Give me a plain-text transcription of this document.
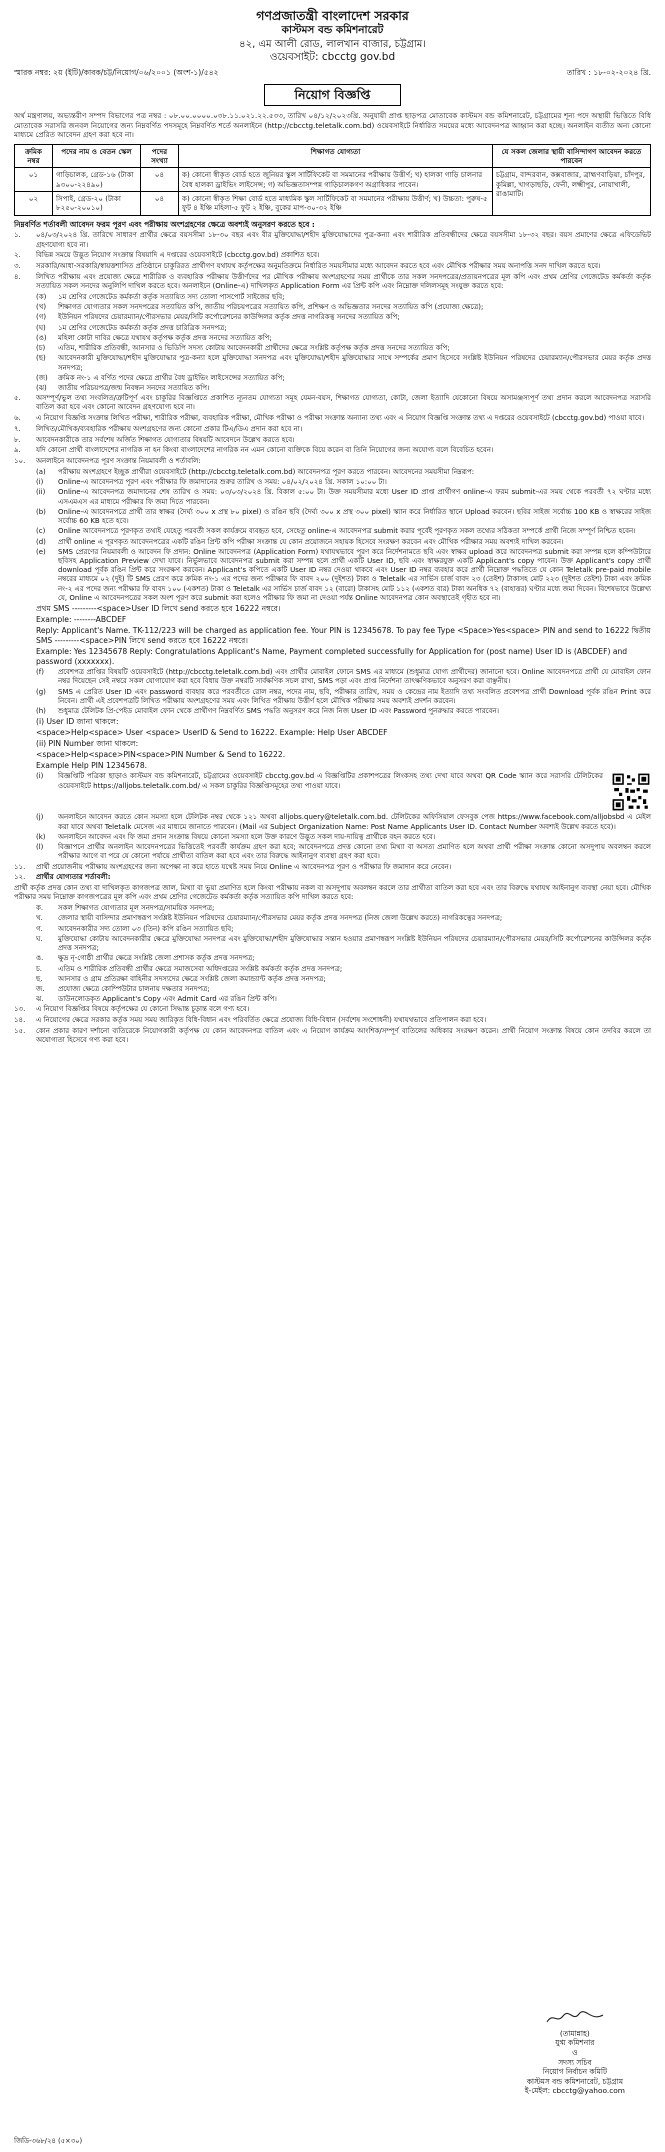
গণপ্রজাতন্ত্রী বাংলাদেশ সরকার
কাস্টমস বন্ড কমিশনারেট
৪২, এম আলী রোড, লালখান বাজার, চট্টগ্রাম।
ওয়েবসাইট: cbcctg gov.bd
স্মারক নম্বর: ২য় (ইটি)/কাবক/চট্ট/নিয়োগ/০৬/২০০১ (অংশ-১)/৫৪২	তারিখ : ১৮-০২-২০২৪ খ্রি.
নিয়োগ বিজ্ঞপ্তি

অর্থ মন্ত্রণালয়, অভ্যন্তরীণ সম্পদ বিভাগের পত্র নম্বর : ০৮.০০.০০০০.০৩৮.১১.০২১.২২.৫৩৩, তারিখ ০৪/১২/২০২৩খ্রি. অনুযায়ী প্রাপ্ত ছাড়পত্র মোতাবেক কাস্টমস বন্ড কমিশনারেট, চট্টগ্রামের শূন্য পদে অস্থায়ী ভিত্তিতে বিধি মোতাবেক সরাসরি জনবল নিয়োগের জন্য নিম্নবর্ণিত পদসমূহে নিম্নবর্ণিত শর্তে অনলাইনে (http://cbcctg.teletalk.com.bd) ওয়েবসাইটে নির্ধারিত সময়ের মধ্যে আবেদনপত্র আহ্বান করা হচ্ছে। অনলাইন ব্যতীত অন্য কোনো মাধ্যমে প্রেরিত আবেদন গ্রহণ করা হবে না।

ক্রমিক নম্বর	পদের নাম ও বেতন স্কেল	পদের সংখ্যা	শিক্ষাগত যোগ্যতা	যে সকল জেলার স্থায়ী বাসিন্দাগণ আবেদন করতে পারবেন
০১	গাড়িচালক, গ্রেড-১৬ (টাকা ৯৩০০-২২৪৯০)	০৪	ক) কোনো স্বীকৃত বোর্ড হতে জুনিয়র স্কুল সার্টিফিকেট বা সমমানের পরীক্ষায় উত্তীর্ণ; খ) হালকা গাড়ি চালনার বৈধ হালকা ড্রাইভিং লাইসেন্স; গ) অভিজ্ঞতাসম্পন্ন গাড়িচালকগণ অগ্রাধিকার পাবেন।	চট্টগ্রাম, বান্দরবান, কক্সবাজার, ব্রাহ্মণবাড়িয়া, চাঁদপুর, কুমিল্লা, খাগড়াছড়ি, ফেনী, লক্ষ্মীপুর, নোয়াখালী, রাঙামাটি।
০২	সিপাই, গ্রেড-২০ (টাকা ৮২৫০-২০০১০)	০৪	ক) কোনো স্বীকৃত শিক্ষা বোর্ড হতে মাধ্যমিক স্কুল সার্টিফিকেট বা সমমানের পরীক্ষায় উত্তীর্ণ; খ) উচ্চতা: পুরুষ-৫ ফুট ৪ ইঞ্চি মহিলা-৫ ফুট ২ ইঞ্চি, বুকের মাপ-৩০-৩২ ইঞ্চি	
নিম্নবর্ণিত শর্তাবলী আবেদন ফরম পূরণ এবং পরীক্ষায় অংশগ্রহণের ক্ষেত্রে অবশ্যই অনুসরণ করতে হবে :
১.	০৪/০৩/২০২৪ খ্রি. তারিখে সাধারণ প্রার্থীর ক্ষেত্রে বয়সসীমা ১৮-৩০ বছর এবং বীর মুক্তিযোদ্ধা/শহীদ মুক্তিযোদ্ধাদের পুত্র-কন্যা এবং শারীরিক প্রতিবন্ধীদের ক্ষেত্রে বয়সসীমা ১৮-৩২ বছর। বয়স প্রমাণের ক্ষেত্রে এফিডেভিট গ্রহণযোগ্য হবে না।
২.	বিভিন্ন সময়ে উদ্ভূত নিয়োগ সংক্রান্ত বিষয়াদি এ দপ্তরের ওয়েবসাইটে (cbcctg.gov.bd) প্রকাশিত হবে।
৩.	সরকারি/আধা-সরকারি/স্বায়ত্তশাসিত প্রতিষ্ঠানে চাকুরিরত প্রার্থীগণ যথাযথ কর্তৃপক্ষের অনুমতিক্রমে নির্ধারিত সময়সীমার মধ্যে আবেদন করতে হবে এবং মৌখিক পরীক্ষার সময় অনাপত্তি সনদ দাখিল করতে হবে।
৪.	লিখিত পরীক্ষায় এবং প্রযোজ্য ক্ষেত্রে শারীরিক ও ব্যবহারিক পরীক্ষায় উত্তীর্ণদের পর মৌখিক পরীক্ষায় অংশগ্রহণের সময় প্রার্থীকে তার সকল সনদপত্রের/প্রত্যয়নপত্রের মূল কপি এবং প্রথম শ্রেণির গেজেটেড কর্মকর্তা কর্তৃক সত্যায়িত সকল সনদের অনুলিপি দাখিল করতে হবে। অনলাইনে (Online-এ) দাখিলকৃত Application Form এর প্রিন্ট কপি এবং নিম্নোক্ত দলিলসমূহ সংযুক্ত করতে হবে:
(ক)	১ম শ্রেণির গেজেটেড কর্মকর্তা কর্তৃক সত্যায়িত সদ্য তোলা পাসপোর্ট সাইজের ছবি;
(খ)	শিক্ষাগত যোগ্যতার সকল সনদপত্রের সত্যায়িত কপি, জাতীয় পরিচয়পত্রের সত্যায়িত কপি, প্রশিক্ষণ ও অভিজ্ঞতার সনদের সত্যায়িত কপি (প্রযোজ্য ক্ষেত্রে);
(গ)	ইউনিয়ন পরিষদের চেয়ারম্যান/পৌরসভার মেয়র/সিটি কর্পোরেশনের কাউন্সিলর কর্তৃক প্রদত্ত নাগরিকত্ব সনদের সত্যায়িত কপি;
(ঘ)	১ম শ্রেণির গেজেটেড কর্মকর্তা কর্তৃক প্রদত্ত চারিত্রিক সনদপত্র;
(ঙ)	মহিলা কোটা দাবির ক্ষেত্রে যথাযথ কর্তৃপক্ষ কর্তৃক প্রদত্ত সনদের সত্যায়িত কপি;
(চ)	এতিম, শারীরিক প্রতিবন্ধী, আনসার ও ভিডিপি সদস্য কোটায় আবেদনকারী প্রার্থীদের ক্ষেত্রে সংশ্লিষ্ট কর্তৃপক্ষ কর্তৃক প্রদত্ত সনদের সত্যায়িত কপি;
(ছ)	আবেদনকারী মুক্তিযোদ্ধা/শহীদ মুক্তিযোদ্ধার পুত্র-কন্যা হলে মুক্তিযোদ্ধা সনদপত্র এবং মুক্তিযোদ্ধা/শহীদ মুক্তিযোদ্ধার সাথে সম্পর্কের প্রমাণ হিসেবে সংশ্লিষ্ট ইউনিয়ন পরিষদের চেয়ারম্যান/পৌরসভার মেয়র কর্তৃক প্রদত্ত সনদপত্র;
(জ)	ক্রমিক নং-১ এ বর্ণিত পদের ক্ষেত্রে প্রার্থীর বৈধ ড্রাইভিং লাইসেন্সের সত্যায়িত কপি;
(ঝ)	জাতীয় পরিচয়পত্র/জন্ম নিবন্ধন সনদের সত্যায়িত কপি।
৫.	অসম্পূর্ণ/ভুল তথ্য সংবলিত/ত্রুটিপূর্ণ এবং চাকুরির বিজ্ঞপ্তিতে প্রকাশিত ন্যূনতম যোগ্যতা সমূহ যেমন-বয়স, শিক্ষাগত যোগ্যতা, কোটা, জেলা ইত্যাদি যেকোনো বিষয়ে অসামঞ্জস্যপূর্ণ তথ্য প্রদান করলে আবেদনপত্র সরাসরি বাতিল করা হবে এবং কোনো আবেদন গ্রহণযোগ্য হবে না।
৬.	এ নিয়োগ বিজ্ঞপ্তি সংক্রান্ত লিখিত পরীক্ষা, শারীরিক পরীক্ষা, ব্যবহারিক পরীক্ষা, মৌখিক পরীক্ষা ও পরীক্ষা সংক্রান্ত অন্যান্য তথ্য এবং এ নিয়োগ বিজ্ঞপ্তি সংক্রান্ত তথ্য এ দপ্তরের ওয়েবসাইটে (cbcctg.gov.bd) পাওয়া যাবে।
৭.	লিখিত/মৌখিক/ব্যবহারিক পরীক্ষায় অংশগ্রহণের জন্য কোনো প্রকার টিএ/ডিএ প্রদান করা হবে না।
৮.	আবেদনকারীকে তার সর্বশেষ অর্জিত শিক্ষাগত যোগ্যতার বিষয়টি আবেদনে উল্লেখ করতে হবে।
৯.	যদি কোনো প্রার্থী বাংলাদেশের নাগরিক না হন কিংবা বাংলাদেশের নাগরিক নন এমন কোনো ব্যক্তিকে বিয়ে করেন বা তিনি নিয়োগের জন্য অযোগ্য বলে বিবেচিত হবেন।
১০.	অনলাইনে আবেদনপত্র পূরণ সংক্রান্ত নিয়মাবলী ও শর্তাবলি:
(a)	পরীক্ষায় অংশগ্রহণে ইচ্ছুক প্রার্থীরা ওয়েবসাইটে (http://cbcctg.teletalk.com.bd) আবেদনপত্র পূরণ করতে পারবেন। আবেদনের সময়সীমা নিম্নরূপ:
(i)	Online-এ আবেদনপত্র পূরণ এবং পরীক্ষার ফি জমাদানের শুরুর তারিখ ও সময়: ০৪/০২/২০২৪ খ্রি. সকাল ১০:০০ টা।
(ii)	Online-এ আবেদনপত্র জমাদানের শেষ তারিখ ও সময়: ০৩/০৩/২০২৪ খ্রি. বিকাল ৫:০০ টা। উক্ত সময়সীমার মধ্যে User ID প্রাপ্ত প্রার্থীগণ online-এ ফরম submit-এর সময় থেকে পরবর্তী ৭২ ঘণ্টার মধ্যে এসএমএস এর মাধ্যমে পরীক্ষার ফি জমা দিতে পারবেন।
(b)	Online-এ আবেদনপত্রে প্রার্থী তার স্বাক্ষর (দৈর্ঘ্য ৩০০ x প্রস্থ ৮০ pixel) ও রঙিন ছবি (দৈর্ঘ্য ৩০০ x প্রস্থ ৩০০ pixel) স্ক্যান করে নির্ধারিত স্থানে Upload করবেন। ছবির সাইজ সর্বোচ্চ 100 KB ও স্বাক্ষরের সাইজ সর্বোচ্চ 60 KB হতে হবে।
(c)	Online আবেদনপত্রে পূরণকৃত তথ্যই যেহেতু পরবর্তী সকল কার্যক্রমে ব্যবহৃত হবে, সেহেতু online-এ আবেদনপত্র submit করার পূর্বেই পূরণকৃত সকল তথ্যের সঠিকতা সম্পর্কে প্রার্থী নিজে সম্পূর্ণ নিশ্চিত হবেন।
(d)	প্রার্থী online এ পূরণকৃত আবেদনপত্রের একটি রঙিন প্রিন্ট কপি পরীক্ষা সংক্রান্ত যে কোন প্রয়োজনে সহায়ক হিসেবে সংরক্ষণ করবেন এবং মৌখিক পরীক্ষার সময় অবশ্যই দাখিল করবেন।
(e)	SMS প্রেরণের নিয়মাবলী ও আবেদন ফি প্রদান: Online আবেদনপত্র (Application Form) যথাযথভাবে পূরণ করে নির্দেশনামতে ছবি এবং স্বাক্ষর upload করে আবেদনপত্র submit করা সম্পন্ন হলে কম্পিউটারে ছবিসহ Application Preview দেখা যাবে। নির্ভুলভাবে আবেদনপত্র submit করা সম্পন্ন হলে প্রার্থী একটি User ID, ছবি এবং স্বাক্ষরযুক্ত একটি Applicant's copy পাবেন। উক্ত Applicant's copy প্রার্থী download পূর্বক রঙিন প্রিন্ট করে সংরক্ষণ করবেন। Applicant's কপিতে একটি User ID নম্বর দেওয়া থাকবে এবং User ID নম্বর ব্যবহার করে প্রার্থী নিম্নোক্ত পদ্ধতিতে যে কোন Teletalk pre-paid mobile নম্বরের মাধ্যমে ০২ (দুই) টি SMS প্রেরণ করে ক্রমিক নং-১ এর পদের জন্য পরীক্ষার ফি বাবদ ২০০ (দুইশত) টাকা ও Teletalk এর সার্ভিস চার্জ বাবদ ২৩ (তেইশ) টাকাসহ মোট ২২৩ (দুইশত তেইশ) টাকা এবং ক্রমিক নং-২ এর পদের জন্য পরীক্ষার ফি বাবদ ১০০ (একশত) টাকা ও Teletalk এর সার্ভিস চার্জ বাবদ ১২ (বারো) টাকাসহ মোট ১১২ (একশত বার) টাকা অনধিক ৭২ (বাহাত্তর) ঘণ্টার মধ্যে জমা দিবেন। বিশেষভাবে উল্লেখ্য যে, Online এ আবেদনপত্রের সকল অংশ পূরণ করে submit করা হলেও পরীক্ষার ফি জমা না দেওয়া পর্যন্ত Online আবেদনপত্র কোন অবস্থাতেই গৃহীত হবে না।
প্রথম SMS ---------<space>User ID লিখে send করতে হবে 16222 নম্বরে।
Example: --------ABCDEF
Reply: Applicant's Name. TK-112/223 will be charged as application fee. Your PIN is 12345678. To pay fee Type <Space>Yes<space> PIN and send to 16222 দ্বিতীয় SMS ---------<space>PIN লিখে send করতে হবে 16222 নম্বরে।
Example: Yes 12345678 Reply: Congratulations Applicant's Name, Payment completed successfully for Application for (post name) User ID is (ABCDEF) and password (xxxxxxx).
(f)	প্রবেশপত্র প্রাপ্তির বিষয়টি ওয়েবসাইটে (http://cbcctg.teletalk.com.bd) এবং প্রার্থীর মোবাইল ফোনে SMS এর মাধ্যমে (শুধুমাত্র যোগ্য প্রার্থীদের) জানানো হবে। Online আবেদনপত্রে প্রার্থী যে মোবাইল ফোন নম্বর দিয়েছেন সেই নম্বরে সকল যোগাযোগ করা হবে বিধায় উক্ত নম্বরটি সার্বক্ষণিক সচল রাখা, SMS পড়া এবং প্রাপ্ত নির্দেশনা তাৎক্ষণিকভাবে অনুসরণ করা বাঞ্ছনীয়।
(g)	SMS এ প্রেরিত User ID এবং password ব্যবহার করে পরবর্তীতে রোল নম্বর, পদের নাম, ছবি, পরীক্ষার তারিখ, সময় ও কেন্দ্রের নাম ইত্যাদি তথ্য সংবলিত প্রবেশপত্র প্রার্থী Download পূর্বক রঙিন Print করে নিবেন। প্রার্থী এই প্রবেশপত্রটি লিখিত পরীক্ষায় অংশগ্রহণের সময় এবং লিখিত পরীক্ষায় উত্তীর্ণ হলে মৌখিক পরীক্ষার সময় অবশ্যই প্রদর্শন করবেন।
(h)	শুধুমাত্র টেলিটক প্রি-পেইড মোবাইল ফোন থেকে প্রার্থীগণ নিম্নবর্ণিত SMS পদ্ধতি অনুসরণ করে নিজ নিজ User ID এবং Password পুনরুদ্ধার করতে পারবেন।
(i) User ID জানা থাকলে:
<space>Help<space> User <space> UserID & Send to 16222. Example: Help User ABCDEF
(ii) PIN Number জানা থাকলে:
<space>Help<space>PIN<space>PIN Number & Send to 16222.
Example Help PIN 12345678.
(i)	বিজ্ঞপ্তিটি পত্রিকা ছাড়াও কাস্টমস বন্ড কমিশনারেট, চট্টগ্রামের ওয়েবসাইট cbcctg.gov.bd এ বিজ্ঞপ্তিটির প্রকাশপত্রের লিংকসহ তথ্য দেখা যাবে অথবা QR Code স্ক্যান করে সরাসরি টেলিটকের ওয়েবসাইটে https://alljobs.teletalk.com.bd/ এ সকল চাকুরির বিজ্ঞপ্তিসমূহের তথ্য পাওয়া যাবে।
(j)	অনলাইনে আবেদন করতে কোন সমস্যা হলে টেলিটক নম্বর থেকে ১২১ অথবা alljobs.query@teletalk.com.bd. টেলিটকের অফিসিয়াল ফেসবুক পেজ https://www.facebook.com/alljobsbd এ মেইল করা যাবে অথবা Teletalk মেসেজ এর মাধ্যমে জানাতে পারবেন। (Mail এর Subject Organization Name: Post Name Applicants User ID. Contact Number অবশ্যই উল্লেখ করতে হবে)।
(k)	অনলাইনে আবেদন এবং ফি জমা প্রদান সংক্রান্ত বিষয়ে কোনো সমস্যা হলে উক্ত কারণে উদ্ভূত সকল দায়-দায়িত্ব প্রার্থীকে বহন করতে হবে।
(l)	বিজ্ঞাপনে প্রার্থীর অনলাইন আবেদনপত্রের ভিত্তিতেই পরবর্তী কার্যক্রম গ্রহণ করা হবে; আবেদনপত্রে প্রদত্ত কোনো তথ্য মিথ্যা বা অসত্য প্রমাণিত হলে অথবা প্রার্থী পরীক্ষা সংক্রান্ত কোনো অসদুপায় অবলম্বন করলে পরীক্ষার আগে বা পরে যে কোনো পর্যায়ে প্রার্থীতা বাতিল করা হবে এবং তার বিরুদ্ধে আইনানুগ ব্যবস্থা গ্রহণ করা হবে।
১১.	প্রার্থী প্রয়োজনীয় পরীক্ষায় অংশগ্রহণের জন্য অপেক্ষা না করে হাতে যথেষ্ট সময় নিয়ে Online এ আবেদনপত্র পূরণ ও পরীক্ষার ফি জমাদান করে নেবেন।
১২.	প্রার্থীর যোগ্যতার শর্তাবলী:
প্রার্থী কর্তৃক প্রদত্ত কোন তথ্য বা দাখিলকৃত কাগজপত্র জাল, মিথ্যা বা ভুয়া প্রমাণিত হলে কিংবা পরীক্ষায় নকল বা অসদুপায় অবলম্বন করলে তার প্রার্থীতা বাতিল করা হবে এবং তার বিরুদ্ধে যথাযথ আইনানুগ ব্যবস্থা নেয়া হবে। মৌখিক পরীক্ষার সময় নিম্নোক্ত কাগজপত্রের মূল কপি এবং প্রথম শ্রেণির গেজেটেড কর্মকর্তা কর্তৃক সত্যায়িত কপি দাখিল করতে হবে:
ক.	সকল শিক্ষাগত যোগ্যতার মূল সনদপত্র/সাময়িক সনদপত্র;
খ.	জেলার স্থায়ী বাসিন্দার প্রমাণস্বরূপ সংশ্লিষ্ট ইউনিয়ন পরিষদের চেয়ারম্যান/পৌরসভার মেয়র কর্তৃক প্রদত্ত সনদপত্র (নিজ জেলা উল্লেখ করতে) নাগরিকত্বের সনদপত্র;
গ.	আবেদনকারীর সদ্য তোলা ০৩ (তিন) কপি রঙিন সত্যায়িত ছবি;
ঘ.	মুক্তিযোদ্ধা কোটায় আবেদনকারীর ক্ষেত্রে মুক্তিযোদ্ধা সনদপত্র এবং মুক্তিযোদ্ধা/শহীদ মুক্তিযোদ্ধার সন্তান হওয়ার প্রমাণস্বরূপ সংশ্লিষ্ট ইউনিয়ন পরিষদের চেয়ারম্যান/পৌরসভার মেয়র/সিটি কর্পোরেশনের কাউন্সিলর কর্তৃক প্রদত্ত সনদপত্র;
ঙ.	ক্ষুদ্র নৃ-গোষ্ঠী প্রার্থীর ক্ষেত্রে সংশ্লিষ্ট জেলা প্রশাসক কর্তৃক প্রদত্ত সনদপত্র;
চ.	এতিম ও শারীরিক প্রতিবন্ধী প্রার্থীর ক্ষেত্রে সমাজসেবা অধিদপ্তরের সংশ্লিষ্ট কর্মকর্তা কর্তৃক প্রদত্ত সনদপত্র;
ছ.	আনসার ও গ্রাম প্রতিরক্ষা বাহিনীর সদস্যদের ক্ষেত্রে সংশ্লিষ্ট জেলা কমান্ড্যান্ট কর্তৃক প্রদত্ত সনদপত্র;
জ.	প্রযোজ্য ক্ষেত্রে কোম্পিউটার চালনায় দক্ষতার সনদপত্র;
ঝ.	ডাউনলোডকৃত Applicant's Copy এবং Admit Card এর রঙিন প্রিন্ট কপি।
১৩.	এ নিয়োগ বিজ্ঞপ্তির বিষয়ে কর্তৃপক্ষের যে কোনো সিদ্ধান্ত চূড়ান্ত বলে গণ্য হবে।
১৪.	এ নিয়োগের ক্ষেত্রে সরকার কর্তৃক সময় সময় জারিকৃত বিধি-বিধান এবং পরিবর্তিত ক্ষেত্রে প্রযোজ্য বিধি-বিধান (সর্বশেষ সংশোধনী) যথাযথভাবে প্রতিপালন করা হবে।
১৫.	কোন প্রকার কারণ দর্শানো ব্যতিরেকে নিয়োগকারী কর্তৃপক্ষ যে কোন আবেদনপত্র বাতিল এবং এ নিয়োগ কার্যক্রম আংশিক/সম্পূর্ণ বাতিলের অধিকার সংরক্ষণ করেন। প্রার্থী নিয়োগ সংক্রান্ত বিষয়ে কোন তদবির করলে তা অযোগ্যতা হিসেবে গণ্য করা হবে।
(তামান্নাহ)
যুগ্ম কমিশনার
ও
সদস্য সচিব
নিয়োগ নির্বাচন কমিটি
কাস্টমস বন্ড কমিশনারেট, চট্টগ্রাম
ই-মেইল: cbcctg@yahoo.com
জিডি-৩৬৮/২৪ (৫×৩০)
